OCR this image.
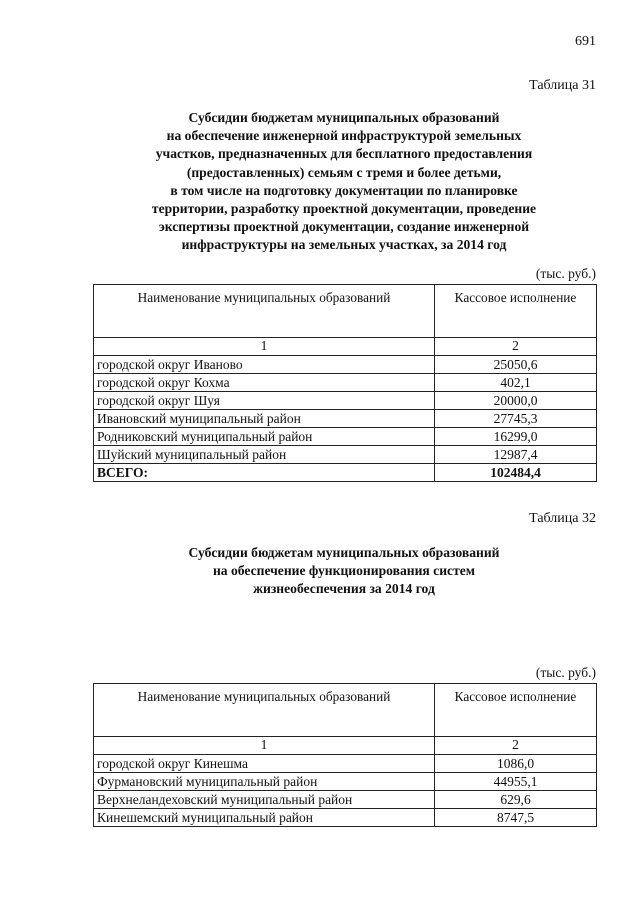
691
Таблица 31
Субсидии бюджетам муниципальных образований
на обеспечение инженерной инфраструктурой земельных
участков, предназначенных для бесплатного предоставления
(предоставленных) семьям с тремя и более детьми,
в том числе на подготовку документации по планировке
территории, разработку проектной документации, проведение
экспертизы проектной документации, создание инженерной
инфраструктуры на земельных участках, за 2014 год
(тыс. руб.)
Наименование муниципальных образований	Кассовое исполнение
1	2
городской округ Иваново	25050,6
городской округ Кохма	402,1
городской округ Шуя	20000,0
Ивановский муниципальный район	27745,3
Родниковский муниципальный район	16299,0
Шуйский муниципальный район	12987,4
ВСЕГО:	102484,4
Таблица 32
Субсидии бюджетам муниципальных образований
на обеспечение функционирования систем
жизнеобеспечения за 2014 год
(тыс. руб.)
Наименование муниципальных образований	Кассовое исполнение
1	2
городской округ Кинешма	1086,0
Фурмановский муниципальный район	44955,1
Верхнеландеховский муниципальный район	629,6
Кинешемский муниципальный район	8747,5
